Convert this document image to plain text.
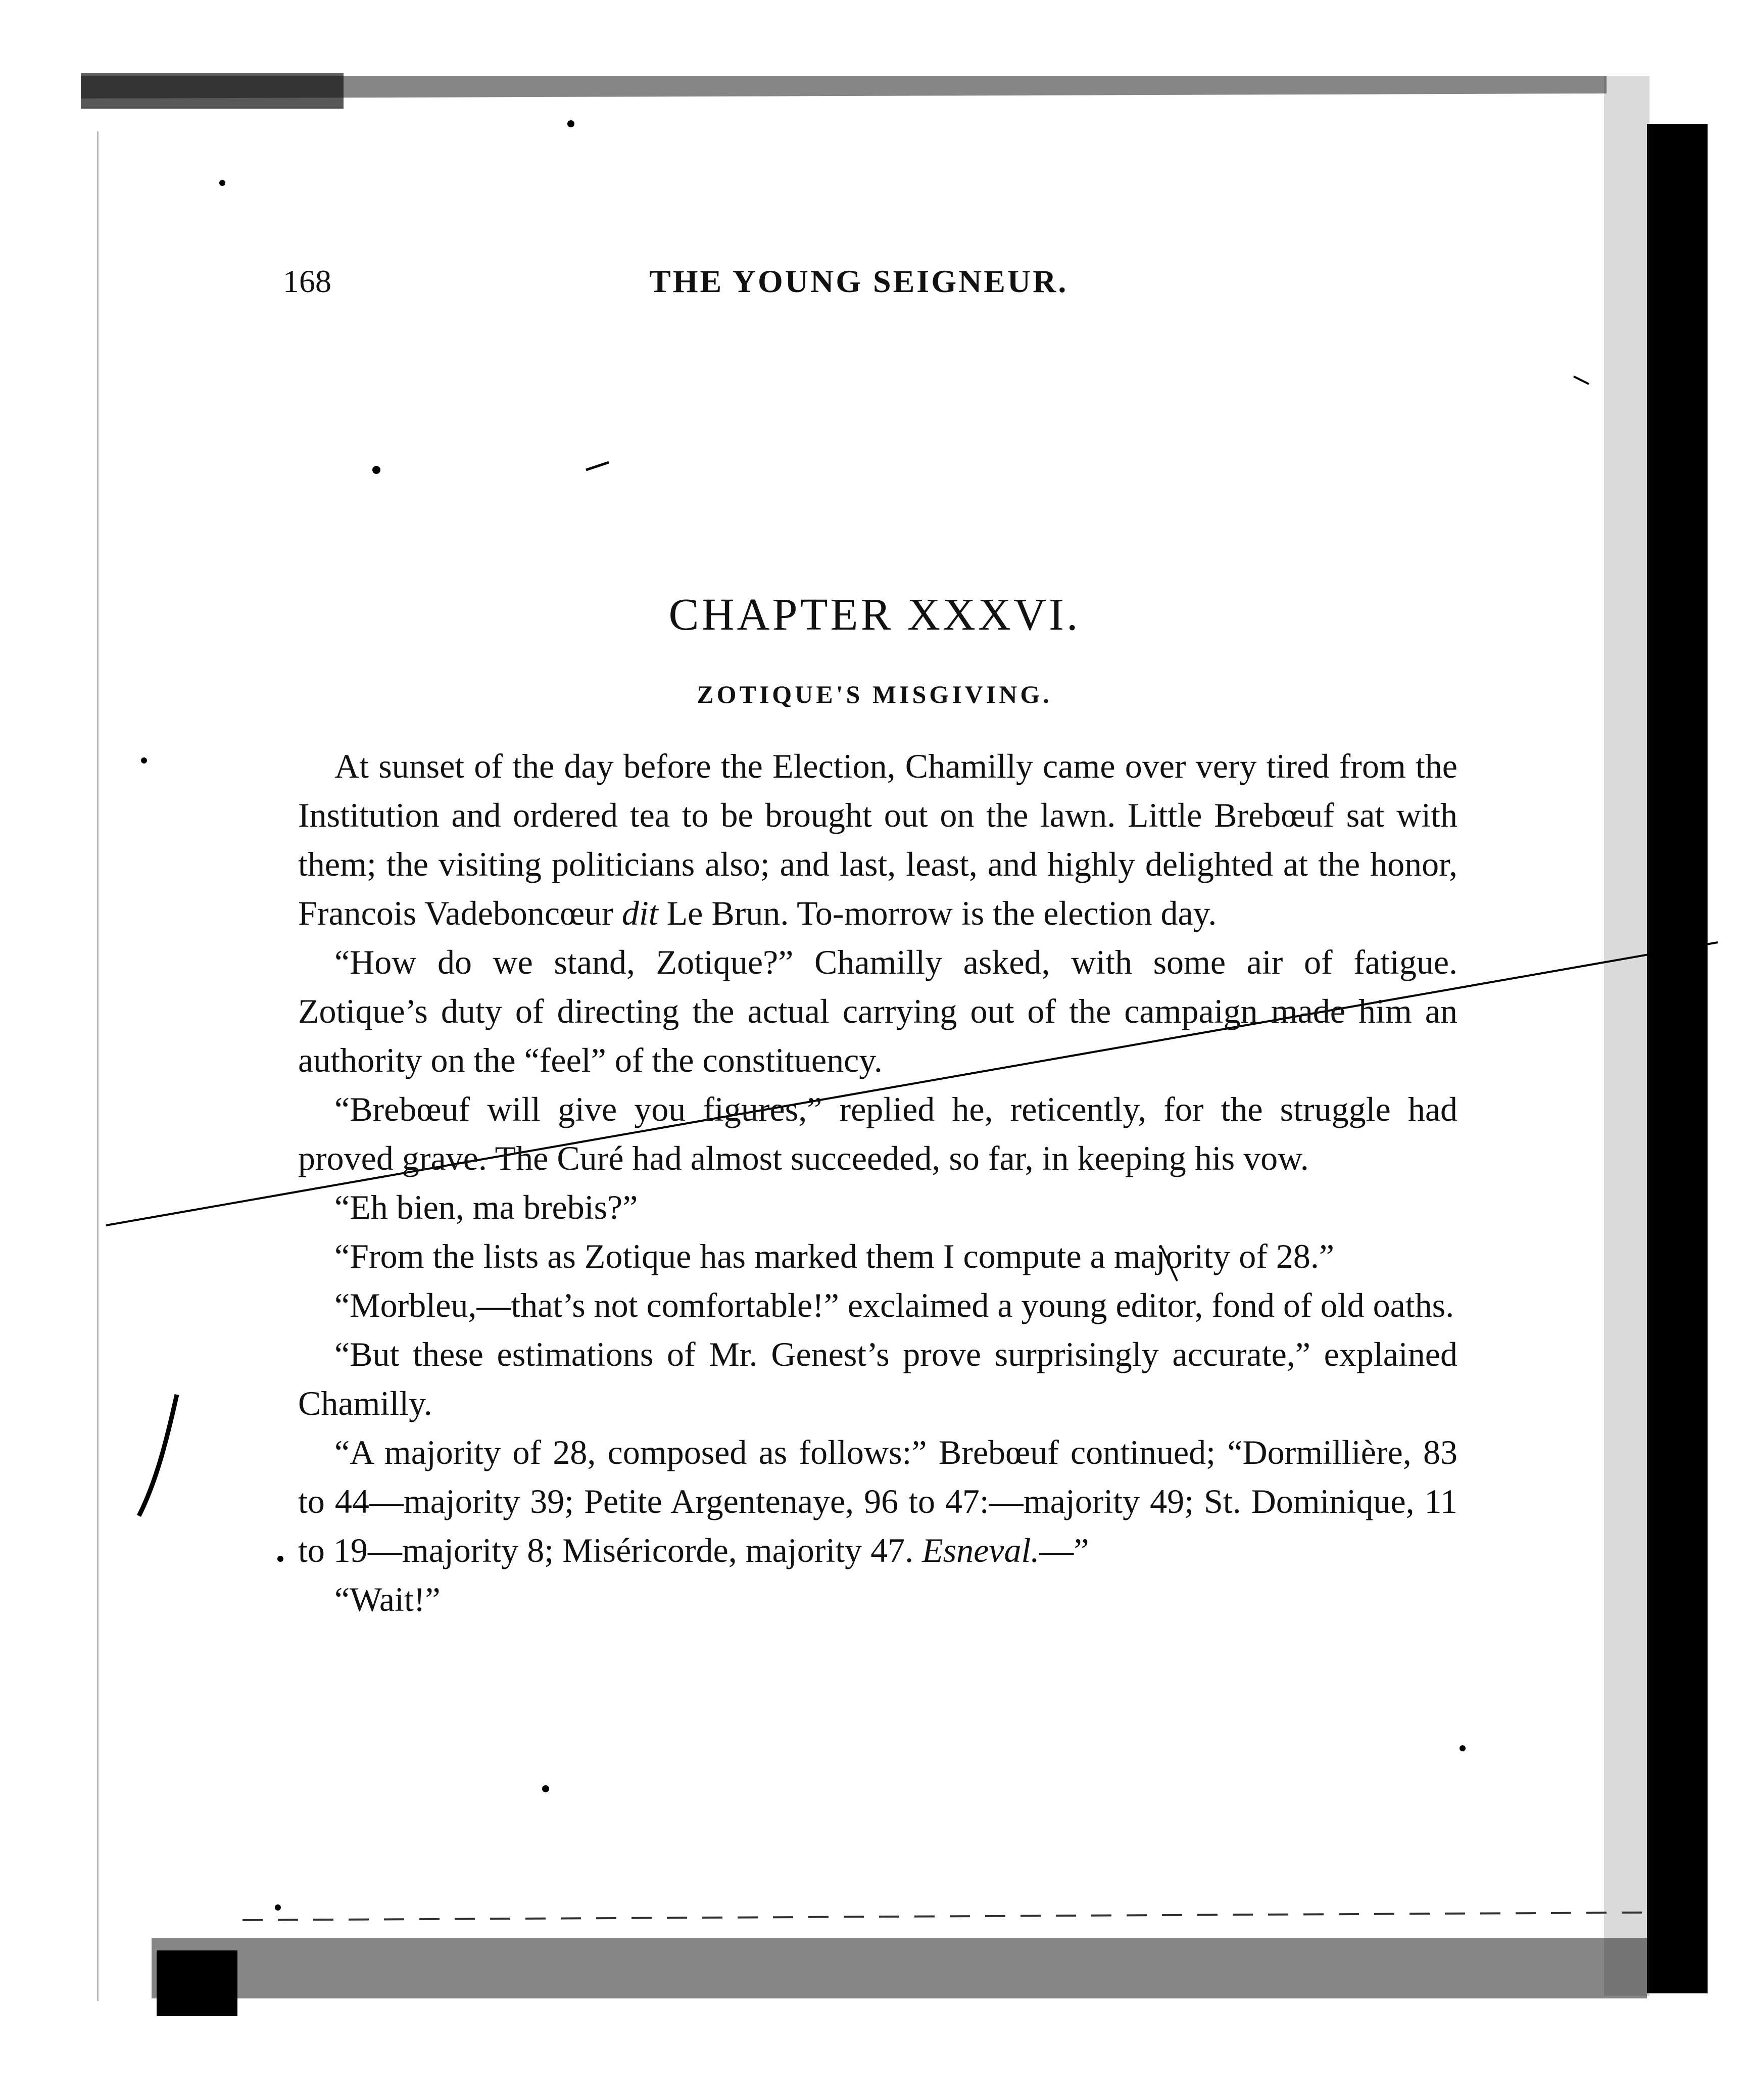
168	THE YOUNG SEIGNEUR.
CHAPTER XXXVI.
ZOTIQUE'S MISGIVING.

At sunset of the day before the Election, Chamilly came over very tired from the Institution and ordered tea to be brought out on the lawn. Little Brebœuf sat with them; the visiting politicians also; and last, least, and highly delighted at the honor, Francois Vadeboncœur dit Le Brun. To-morrow is the election day.

“How do we stand, Zotique?” Chamilly asked, with some air of fatigue. Zotique’s duty of directing the actual carrying out of the campaign made him an authority on the “feel” of the constituency.

“Brebœuf will give you figures,” replied he, reticently, for the struggle had proved grave. The Curé had almost succeeded, so far, in keeping his vow.

“Eh bien, ma brebis?”

“From the lists as Zotique has marked them I compute a majority of 28.”

“Morbleu,—that’s not comfortable!” exclaimed a young editor, fond of old oaths.

“But these estimations of Mr. Genest’s prove surprisingly accurate,” explained Chamilly.

“A majority of 28, composed as follows:” Brebœuf continued; “Dormillière, 83 to 44—majority 39; Petite Argentenaye, 96 to 47:—majority 49; St. Dominique, 11 to 19—majority 8; Miséricorde, majority 47. Esneval.—”

“Wait!”
